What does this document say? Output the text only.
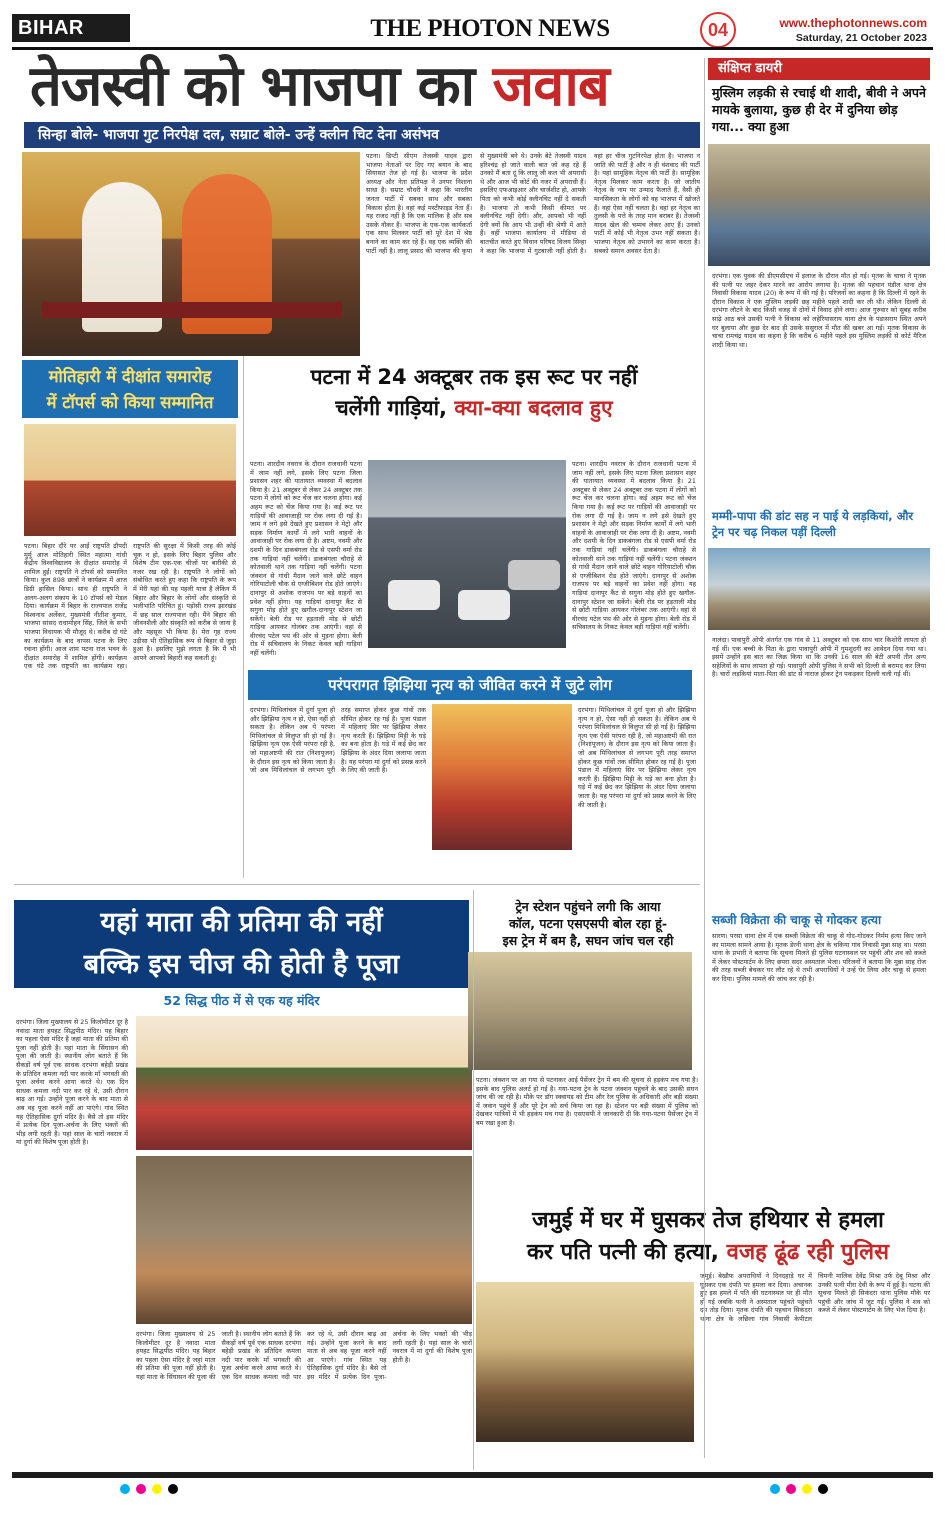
BIHAR	THE PHOTON NEWS	04	www.thephotonnews.com
Saturday, 21 October 2023
तेजस्वी को भाजपा का जवाब
सिन्हा बोले- भाजपा गुट निरपेक्ष दल, सम्राट बोले- उन्हें क्लीन चिट देना असंभव
पटना। डिप्टी सीएम तेजस्वी यादव द्वारा भाजपा नेताओं पर दिए गए बयान के बाद सियासत तेज हो गई है। भाजपा के प्रदेश अध्यक्ष और नेता प्रतिपक्ष ने उनपर निशाना साधा है। सम्राट चौधरी ने कहा कि भारतीय जनता पार्टी में सबका साथ और सबका विकास होता है। वहां कई मस्टीफाइड नेता हैं। यह राजद नहीं है कि एक मालिक है और सब उसके नौकर हैं। भाजपा के एक-एक कार्यकर्ता एक साथ मिलकर पार्टी को पूरे देश में श्रेष्ठ बनाने का काम कर रहे हैं। वह एक व्यक्ति की पार्टी नहीं है। लालू प्रसाद की भाजपा की कृपा से मुख्यमंत्री बने थे। उनके बेटे तेजस्वी यादव हरिश्चंद्र हो जाते वाली बात जो कह रहे हैं उनको मैं बता दूं कि लालू जी कल भी अपराधी थे और आज भी कोर्ट की नजर में अपराधी हैं। इसलिए एफआइआर और चार्जशीट हो, आपके पिता को कभी कोई क्लीनचिट नहीं दे सकती है। भाजपा तो कभी किसी कीमत पर क्लीनचिट नहीं देगी। और, आपको भी नहीं देगी क्यों कि आप भी उन्हीं की श्रेणी में आते हैं। वहीं भाजपा कार्यालय में मीडिया से बातचीत करते हुए विधान परिषद विजय सिन्हा ने कहा कि भाजपा में गुटबाजी नहीं होती है। वहां हर चीज गुटनिरपेक्ष होता है। भाजपा न जाति की पार्टी है और न ही वंशवाद की पार्टी है। यहां सामूहिक नेतृत्व की पार्टी है। सामूहिक नेतृत्व मिलकर काम करता है। जो जातीय नेतृत्व के नाम पर उन्माद फैलाते हैं, वैसी ही मानसिकता के लोगों को वह भाजपा में खोजते हैं। वहां ऐसा नहीं चलता है। वहां हर नेतृत्व का तुलसी के पत्ते के तरह मान बराबर है। तेजस्वी यादव खेल की चम्मच लेकर आए हैं। उनको पार्टी में कोई भी नेतृत्व उभर नहीं सकता है। भाजपा नेतृत्व को उभारने का काम करता है। सबको समान अवसर देता है।
मोतिहारी में दीक्षांत समारोह
में टॉपर्स को किया सम्मानित
पटना। बिहार दौरे पर आईं राष्ट्रपति द्रौपदी मुर्मू आज मोतिहारी स्थित महात्मा गांधी केंद्रीय विश्वविद्यालय के दीक्षांत समारोह में शामिल हुईं। राष्ट्रपति ने टॉपर्स को सम्मानित किया। कुल 898 छात्रों ने कार्यक्रम में आज डिग्री हासिल किया। साथ ही राष्ट्रपति ने अलग-अलग संकाय के 10 टॉपर्स को मेडल दिया। कार्यक्रम में बिहार के राज्यपाल राजेंद्र विश्वनाथ अर्लेकर, मुख्यमंत्री नीतीश कुमार, भाजपा सांसद राधामोहन सिंह, जिले के सभी भाजपा विधायक भी मौजूद थे। करीब दो घंटे का कार्यक्रम के बाद वापस पटना के लिए रवाना होंगी। आज शाम पटना राज भवन के दीक्षांत समारोह में शामिल होंगी। कार्यक्रम एक घंटे तक राष्ट्रपति का कार्यक्रम रहा। राष्ट्रपति की सुरक्षा में किसी तरह की कोई चूक न हो, इसके लिए बिहार पुलिस और विशेष टीम एक-एक चीजों पर बारीकी से नजर रख रही है। राष्ट्रपति ने लोगों को संबोधित करते हुए कहा कि राष्ट्रपति के रूप में मेरी यहां की यह पहली यात्रा है लेकिन मैं बिहार और बिहार के लोगों और संस्कृति से भलीभांति परिचित हूं। पड़ोसी राज्य झारखंड में छह साल राज्यपाल रही। मैंने बिहार की जीवनशैली और संस्कृति को करीब से जाना है और महसूस भी किया है। मेरा गृह राज्य उड़ीसा भी ऐतिहासिक रूप से बिहार से जुड़ा हुआ है। इसलिए मुझे लगता है कि मैं भी आपने आपको बिहारी कह सकती हूं।
पटना में 24 अक्टूबर तक इस रूट पर नहीं
चलेंगी गाड़ियां, क्या-क्या बदलाव हुए
पटना। शारदीय नवरात्र के दौरान राजधानी पटना में जाम नहीं लगे, इसके लिए पटना जिला प्रशासन शहर की यातायात व्यवस्था में बदलाव किया है। 21 अक्टूबर से लेकर 24 अक्टूबर तक पटना में लोगों को रूट चेंज कर चलना होगा। कई अहम रूट को चेंज किया गया है। कई रूट पर गाड़ियों की आवाजाही पर रोक लगा दी गई है। जाम न लगे इसे देखते हुए प्रशासन ने मेट्रो और सड़क निर्माण कार्यों में लगे भारी वाहनों के आवाजाही पर रोक लगा दी है। अष्टम, नवमी और दशमी के दिन डाकबंगला रोड से एसपी वर्मा रोड तक गाड़ियां नहीं चलेंगी। डाकबंगला चौराहे से कोतवाली थाने तक गाड़ियां नहीं चलेंगी। पटना जंक्शन से गांधी मैदान जाने वाले छोटे वाहन गोरियाटोली चौक से एग्जीबिशन रोड होते जाएंगे। दानापुर से अशोक राजपथ पर बड़े वाहनों का प्रवेश नहीं होगा। यह गाड़ियां दानापुर कैंट से सगुना मोड़ होते हुए खगौल-दानापुर स्टेशन जा सकेंगे। बेली रोड पर हड़ताली मोड़ से छोटी गाड़िया आयकर गोलंबर तक आएंगी। वहां से वीरचंद पटेल पथ की ओर से मुड़ना होगा। बेली रोड में सचिवालय के निकट केवल बड़ी गाड़ियां नहीं चलेंगी।
पटना। शारदीय नवरात्र के दौरान राजधानी पटना में जाम नहीं लगे, इसके लिए पटना जिला प्रशासन शहर की यातायात व्यवस्था में बदलाव किया है। 21 अक्टूबर से लेकर 24 अक्टूबर तक पटना में लोगों को रूट चेंज कर चलना होगा। कई अहम रूट को चेंज किया गया है। कई रूट पर गाड़ियों की आवाजाही पर रोक लगा दी गई है। जाम न लगे इसे देखते हुए प्रशासन ने मेट्रो और सड़क निर्माण कार्यों में लगे भारी वाहनों के आवाजाही पर रोक लगा दी है। अष्टम, नवमी और दशमी के दिन डाकबंगला रोड से एसपी वर्मा रोड तक गाड़ियां नहीं चलेंगी। डाकबंगला चौराहे से कोतवाली थाने तक गाड़ियां नहीं चलेंगी। पटना जंक्शन से गांधी मैदान जाने वाले छोटे वाहन गोरियाटोली चौक से एग्जीबिशन रोड होते जाएंगे। दानापुर से अशोक राजपथ पर बड़े वाहनों का प्रवेश नहीं होगा। यह गाड़ियां दानापुर कैंट से सगुना मोड़ होते हुए खगौल-दानापुर स्टेशन जा सकेंगे। बेली रोड पर हड़ताली मोड़ से छोटी गाड़िया आयकर गोलंबर तक आएंगी। वहां से वीरचंद पटेल पथ की ओर से मुड़ना होगा। बेली रोड में सचिवालय के निकट केवल बड़ी गाड़ियां नहीं चलेंगी।
परंपरागत झिझिया नृत्य को जीवित करने में जुटे लोग
दरभंगा। मिथिलांचल में दुर्गा पूजा हो और झिझिया नृत्य न हो, ऐसा नहीं हो सकता है। लेकिन अब ये परंपरा मिथिलांचल से विलुप्त सी हो गई है। झिझिया नृत्य एक ऐसी परंपरा रही है, जो महाअष्टमी की रात (निशापूजन) के दौरान इस नृत्य को किया जाता है। जो अब मिथिलांचल से लगभग पूरी तरह समाप्त होकर कुछ गांवों तक सीमित होकर रह गई है। पूजा पंडाल में महिलाएं सिर पर झिझिया लेकर नृत्य करती हैं। झिझिया मिट्टी के घड़े का बना होता है। घड़े में कई छेद कर झिझिया के अंदर दिया जलाया जाता है। यह परंपरा मां दुर्गा को प्रसन्न करने के लिए की जाती है।
दरभंगा। मिथिलांचल में दुर्गा पूजा हो और झिझिया नृत्य न हो, ऐसा नहीं हो सकता है। लेकिन अब ये परंपरा मिथिलांचल से विलुप्त सी हो गई है। झिझिया नृत्य एक ऐसी परंपरा रही है, जो महाअष्टमी की रात (निशापूजन) के दौरान इस नृत्य को किया जाता है। जो अब मिथिलांचल से लगभग पूरी तरह समाप्त होकर कुछ गांवों तक सीमित होकर रह गई है। पूजा पंडाल में महिलाएं सिर पर झिझिया लेकर नृत्य करती हैं। झिझिया मिट्टी के घड़े का बना होता है। घड़े में कई छेद कर झिझिया के अंदर दिया जलाया जाता है। यह परंपरा मां दुर्गा को प्रसन्न करने के लिए की जाती है।
यहां माता की प्रतिमा की नहीं
बल्कि इस चीज की होती है पूजा
52 सिद्ध पीठ में से एक यह मंदिर
दरभंगा। जिला मुख्यालय से 25 किलोमीटर दूर है नवादा माता हयहट सिद्धपीठ मंदिर। यह बिहार का पहला ऐसा मंदिर है जहां माता की प्रतिमा की पूजा नहीं होती है। यहां माता के सिंघासन की पूजा की जाती है। स्थानीय लोग बताते हैं कि सैकड़ों वर्ष पूर्व एक साधक दरभंगा बहेड़ी प्रखंड के प्रतिदिन कमला नदी पार करके माँ भगवती की पूजा अर्चना करने आया करते थे। एक दिन साधक कमला नदी पार कर रहे थे, उसी दौरान बाढ़ आ गई। उन्होंने पूजा करने के बाद माता से अब वह पूजा करने नहीं आ पाएंगे। गांव स्थित यह ऐतिहासिक दुर्गा मंदिर है। बैसे तो इस मंदिर में प्रत्येक दिन पूजा-अर्चना के लिए भक्तों की भीड़ लगी रहती है। यहां साल के चारों नवरात्र में मां दुर्गा की विशेष पूजा होती है।
दरभंगा। जिला मुख्यालय से 25 किलोमीटर दूर है नवादा माता हयहट सिद्धपीठ मंदिर। यह बिहार का पहला ऐसा मंदिर है जहां माता की प्रतिमा की पूजा नहीं होती है। यहां माता के सिंघासन की पूजा की जाती है। स्थानीय लोग बताते हैं कि सैकड़ों वर्ष पूर्व एक साधक दरभंगा बहेड़ी प्रखंड के प्रतिदिन कमला नदी पार करके माँ भगवती की पूजा अर्चना करने आया करते थे। एक दिन साधक कमला नदी पार कर रहे थे, उसी दौरान बाढ़ आ गई। उन्होंने पूजा करने के बाद माता से अब वह पूजा करने नहीं आ पाएंगे। गांव स्थित यह ऐतिहासिक दुर्गा मंदिर है। बैसे तो इस मंदिर में प्रत्येक दिन पूजा-अर्चना के लिए भक्तों की भीड़ लगी रहती है। यहां साल के चारों नवरात्र में मां दुर्गा की विशेष पूजा होती है।
ट्रेन स्टेशन पहुंचने लगी कि आया
कॉल, पटना एसएसपी बोल रहा हूं-
इस ट्रेन में बम है, सघन जांच चल रही
पटना। जंक्शन पर आ गया से पटनाकर आई पैसेंजर ट्रेन में बम की सूचना से हड़कंप मच गया है। इसके बाद पुलिस अलर्ट हो गई है। गया-पटना ट्रेन के पटना जंक्शन पहुंचने के बाद उसकी सघन जांच की जा रही है। मौके पर डॉग स्क्वायड को टीम और रेल पुलिस के अधिकारी और बड़ी संख्या में जवान पहुंचे हैं और पूरे ट्रेन को सर्च किया जा रहा है। स्टेशन पर बड़ी संख्या में पुलिस को देखकर यात्रियों में भी हड़कंप मच गया है। एसएसपी ने जानकारी दी कि गया-पटना पैसेंजर ट्रेन में बम रखा हुआ है।
जमुई में घर में घुसकर तेज हथियार से हमला
कर पति पत्नी की हत्या, वजह ढूंढ रही पुलिस
जमुई। बेखौफ अपराधियों ने दिनदहाड़े घर में घुसकर एक दंपति पर हमला कर दिया। अचानक हुए इस हमले में पति की घटनास्थल पर ही मौत हो गई जबकि पत्नी ने अस्पताल पहुंचते पहुंचते दम तोड़ दिया। मृतक दंपति की पहचान सिकंदरा थाना क्षेत्र के लछिला गांव निवासी केपीटल चिमनी मालिक देवेंद्र मिश्रा उर्फ देबू मिश्रा और उनकी पत्नी मीरा देवी के रूप में हुई है। घटना की सूचना मिलते ही सिकंदरा थाना पुलिस मौके पर पहुंची और जांच में जुट गई। पुलिस ने शव को कब्जे में लेकर पोस्टमार्टम के लिए भेज दिया है।
संक्षिप्त डायरी
मुस्लिम लड़की से रचाई थी शादी, बीवी ने अपने मायके बुलाया, कुछ ही देर में दुनिया छोड़ गया... क्या हुआ
दरभंगा। एक युवक की डीएमसीएच में इलाज के दौरान मौत हो गई। मृतक के चाचा ने मृतक की पत्नी पर जहर देकर मारने का आरोप लगाया है। मृतक की पहचान पंडौल थाना क्षेत्र निवासी विकास यादव (20) के रूप में की गई है। परिजनों का कहना है कि दिल्ली में रहने के दौरान विकास ने एक मुस्लिम लड़की छह महीने पहले शादी कर ली थी। लेकिन दिल्ली से दरभंगा लौटने के बाद किसी वजह से दोनों में विवाद होने लगा। आज गुरुवार को सुबह करीब साढ़े आठ बजे उसकी पत्नी ने विकास को लहेरियासराय थाना क्षेत्र के पंडासराय स्थित अपने घर बुलाया और कुछ देर बाद ही उसके ससुराल में मौत की खबर आ गई। मृतक विकास के चाचा रामचंद्र यादव का कहना है कि करीब 6 महीने पहले इस मुस्लिम लड़की से कोर्ट मैरिज शादी किया था।
मम्मी-पापा की डांट सह न पाई ये लड़कियां, और ट्रेन पर चढ़ निकल पड़ीं दिल्ली
नालंदा। पावापुरी ओपी अंतर्गत एक गांव से 11 अक्टूबर को एक साथ चार किशोरी लापता हो गई थीं। एक बच्ची के पिता के द्वारा पावापुरी ओपी में गुमशुदगी का आवेदन दिया गया था। इसमें उन्होंने इस बात का जिक्र किया था कि उनकी 16 साल की बेटी अपनी तीन अन्य सहेलियों के साथ लापता हो गई। पावापुरी ओपी पुलिस ने सभी को दिल्ली से बरामद कर लिया है। चारों लड़कियां माता-पिता की डांट से नाराज होकर ट्रेन पकड़कर दिल्ली चली गई थीं।
सब्जी विक्रेता की चाकू से गोदकर हत्या
सारण। परसा थाना क्षेत्र में एक सब्जी विक्रेता की चाकू से गोद-गोदकर निर्मम हत्या किए जाने का मामला सामने आया है। मृतक डेरनी थाना क्षेत्र के चकिया गांव निवासी मुन्ना साह था। परसा थाना के प्रभारी ने बताया कि सूचना मिलते ही पुलिस घटनास्थल पर पहुंची और शव को कब्जे में लेकर पोस्टमार्टम के लिए छपरा सदर अस्पताल भेजा। परिजनों ने बताया कि मुन्ना साह रोज की तरह सब्जी बेचकर घर लौट रहे थे तभी अपराधियों ने उन्हें घेर लिया और चाकू से हमला कर दिया। पुलिस मामले की जांच कर रही है।
